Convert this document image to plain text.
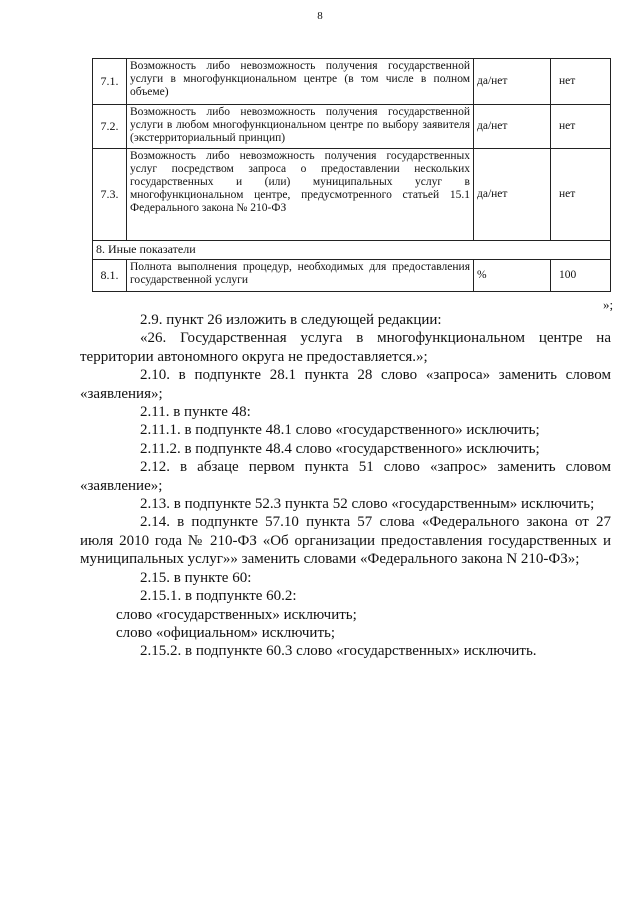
8
7.1.	Возможность либо невозможность получения государственной услуги в многофункциональном центре (в том числе в полном объеме)	да/нет	нет
7.2.	Возможность либо невозможность получения государственной услуги в любом многофункциональном центре по выбору заявителя (экстерриториальный принцип)	да/нет	нет
7.3.	Возможность либо невозможность получения государственных услуг посредством запроса о предоставлении нескольких государственных и (или) муниципальных услуг в многофункциональном центре, предусмотренного статьей 15.1 Федерального закона № 210-ФЗ	да/нет	нет
8. Иные показатели			
8.1.	Полнота выполнения процедур, необходимых для предоставления государственной услуги	%	100
»;

2.9. пункт 26 изложить в следующей редакции:

«26. Государственная услуга в многофункциональном центре на территории автономного округа не предоставляется.»;

2.10. в подпункте 28.1 пункта 28 слово «запроса» заменить словом «заявления»;

2.11. в пункте 48:

2.11.1. в подпункте 48.1 слово «государственного» исключить;

2.11.2. в подпункте 48.4 слово «государственного» исключить;

2.12. в абзаце первом пункта 51 слово «запрос» заменить словом «заявление»;

2.13. в подпункте 52.3 пункта 52 слово «государственным» исключить;

2.14. в подпункте 57.10 пункта 57 слова «Федерального закона от 27 июля 2010 года № 210-ФЗ «Об организации предоставления государственных и муниципальных услуг»» заменить словами «Федерального закона N 210-ФЗ»;

2.15. в пункте 60:

2.15.1. в подпункте 60.2:

слово «государственных» исключить;

слово «официальном» исключить;

2.15.2. в подпункте 60.3 слово «государственных» исключить.
